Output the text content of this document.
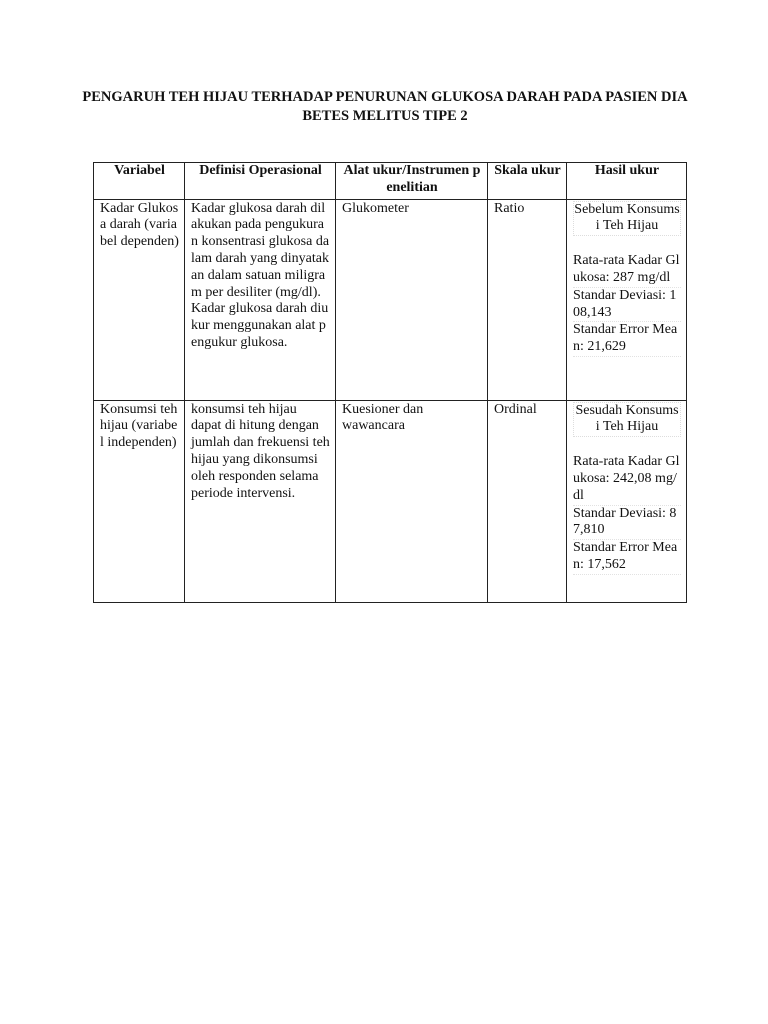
PENGARUH TEH HIJAU TERHADAP PENURUNAN GLUKOSA DARAH PADA PASIEN DIABETES MELITUS TIPE 2
Variabel	Definisi Operasional	Alat ukur/Instrumen penelitian	Skala ukur	Hasil ukur
Kadar Glukosa darah (variabel dependen)	Kadar glukosa darah dilakukan pada pengukuran konsentrasi glukosa dalam darah yang dinyatakan dalam satuan miligram per desiliter (mg/dl). Kadar glukosa darah diukur menggunakan alat pengukur glukosa.	Glukometer	Ratio	Sebelum Konsumsi Teh Hijau
Rata-rata Kadar Glukosa: 287 mg/dl
Standar Deviasi: 108,143
Standar Error Mean: 21,629

Konsumsi teh hijau (variabel independen)	konsumsi teh hijau dapat di hitung dengan jumlah dan frekuensi teh hijau yang dikonsumsi oleh responden selama periode intervensi.	Kuesioner dan wawancara	Ordinal	Sesudah Konsumsi Teh Hijau
Rata-rata Kadar Glukosa: 242,08 mg/dl
Standar Deviasi: 87,810
Standar Error Mean: 17,562
